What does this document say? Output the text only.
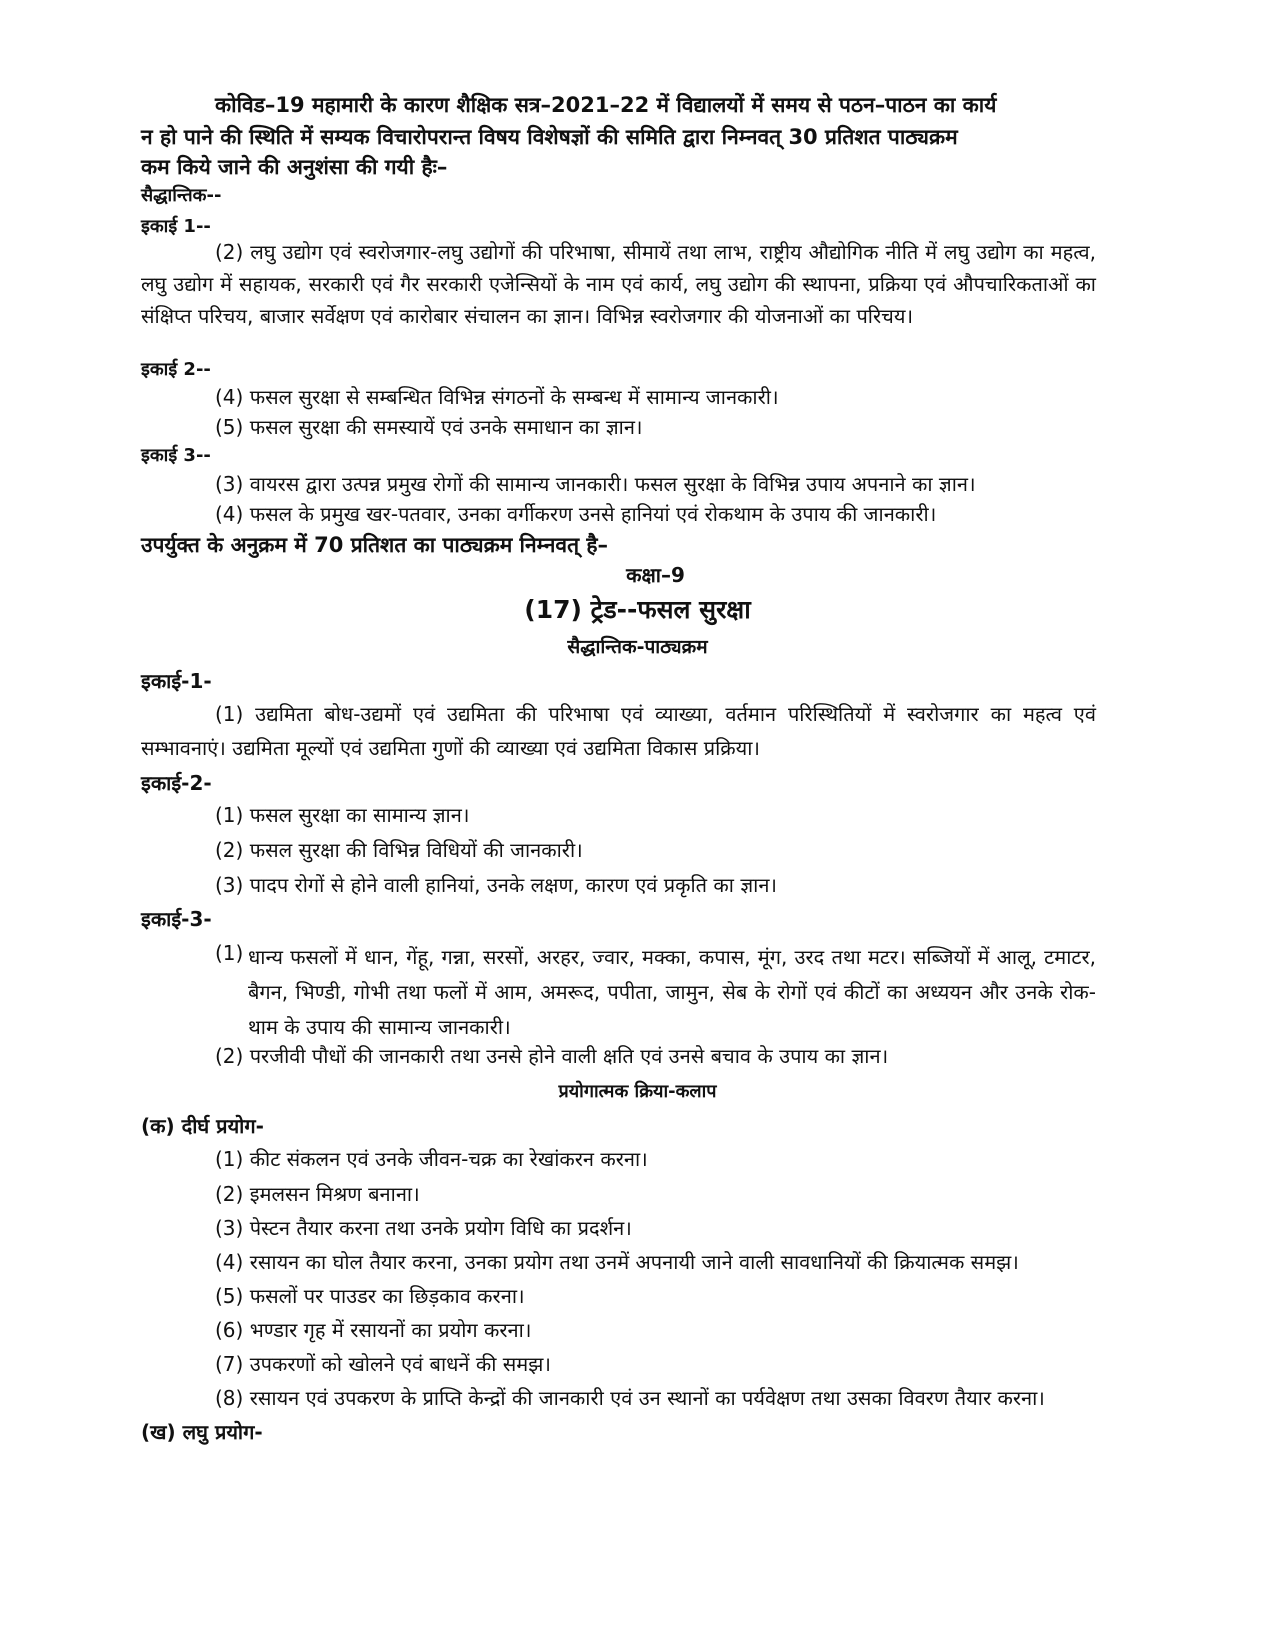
कोविड–19 महामारी के कारण शैक्षिक सत्र–2021–22 में विद्यालयों में समय से पठन–पाठन का कार्य

न हो पाने की स्थिति में सम्यक विचारोपरान्त विषय विशेषज्ञों की समिति द्वारा निम्नवत् 30 प्रतिशत पाठ्यक्रम

कम किये जाने की अनुशंसा की गयी हैः–

सैद्धान्तिक--

इकाई 1--

(2) लघु उद्योग एवं स्वरोजगार-लघु उद्योगों की परिभाषा, सीमायें तथा लाभ, राष्ट्रीय औद्योगिक नीति में लघु उद्योग का महत्व, लघु उद्योग में सहायक, सरकारी एवं गैर सरकारी एजेन्सियों के नाम एवं कार्य, लघु उद्योग की स्थापना, प्रक्रिया एवं औपचारिकताओं का संक्षिप्त परिचय, बाजार सर्वेक्षण एवं कारोबार संचालन का ज्ञान। विभिन्न स्वरोजगार की योजनाओं का परिचय।

इकाई 2--

(4) फसल सुरक्षा से सम्बन्धित विभिन्न संगठनों के सम्बन्ध में सामान्य जानकारी।

(5) फसल सुरक्षा की समस्यायें एवं उनके समाधान का ज्ञान।

इकाई 3--

(3) वायरस द्वारा उत्पन्न प्रमुख रोगों की सामान्य जानकारी। फसल सुरक्षा के विभिन्न उपाय अपनाने का ज्ञान।

(4) फसल के प्रमुख खर-पतवार, उनका वर्गीकरण उनसे हानियां एवं रोकथाम के उपाय की जानकारी।

उपर्युक्त के अनुक्रम में 70 प्रतिशत का पाठ्यक्रम निम्नवत् है–

कक्षा–9

(17) ट्रेड--फसल सुरक्षा

सैद्धान्तिक-पाठ्यक्रम

इकाई-1-

(1) उद्यमिता बोध-उद्यमों एवं उद्यमिता की परिभाषा एवं व्याख्या, वर्तमान परिस्थितियों में स्वरोजगार का महत्व एवं सम्भावनाएं। उद्यमिता मूल्यों एवं उद्यमिता गुणों की व्याख्या एवं उद्यमिता विकास प्रक्रिया।

इकाई-2-

(1) फसल सुरक्षा का सामान्य ज्ञान।

(2) फसल सुरक्षा की विभिन्न विधियों की जानकारी।

(3) पादप रोगों से होने वाली हानियां, उनके लक्षण, कारण एवं प्रकृति का ज्ञान।

इकाई-3-

(1) धान्य फसलों में धान, गेंहू, गन्ना, सरसों, अरहर, ज्वार, मक्का, कपास, मूंग, उरद तथा मटर। सब्जियों में आलू, टमाटर, बैगन, भिण्डी, गोभी तथा फलों में आम, अमरूद, पपीता, जामुन, सेब के रोगों एवं कीटों का अध्ययन और उनके रोक-थाम के उपाय की सामान्य जानकारी।

(2) परजीवी पौधों की जानकारी तथा उनसे होने वाली क्षति एवं उनसे बचाव के उपाय का ज्ञान।

प्रयोगात्मक क्रिया-कलाप

(क) दीर्घ प्रयोग-

(1) कीट संकलन एवं उनके जीवन-चक्र का रेखांकरन करना।

(2) इमलसन मिश्रण बनाना।

(3) पेस्टन तैयार करना तथा उनके प्रयोग विधि का प्रदर्शन।

(4) रसायन का घोल तैयार करना, उनका प्रयोग तथा उनमें अपनायी जाने वाली सावधानियों की क्रियात्मक समझ।

(5) फसलों पर पाउडर का छिड़काव करना।

(6) भण्डार गृह में रसायनों का प्रयोग करना।

(7) उपकरणों को खोलने एवं बाधनें की समझ।

(8) रसायन एवं उपकरण के प्राप्ति केन्द्रों की जानकारी एवं उन स्थानों का पर्यवेक्षण तथा उसका विवरण तैयार करना।

(ख) लघु प्रयोग-
